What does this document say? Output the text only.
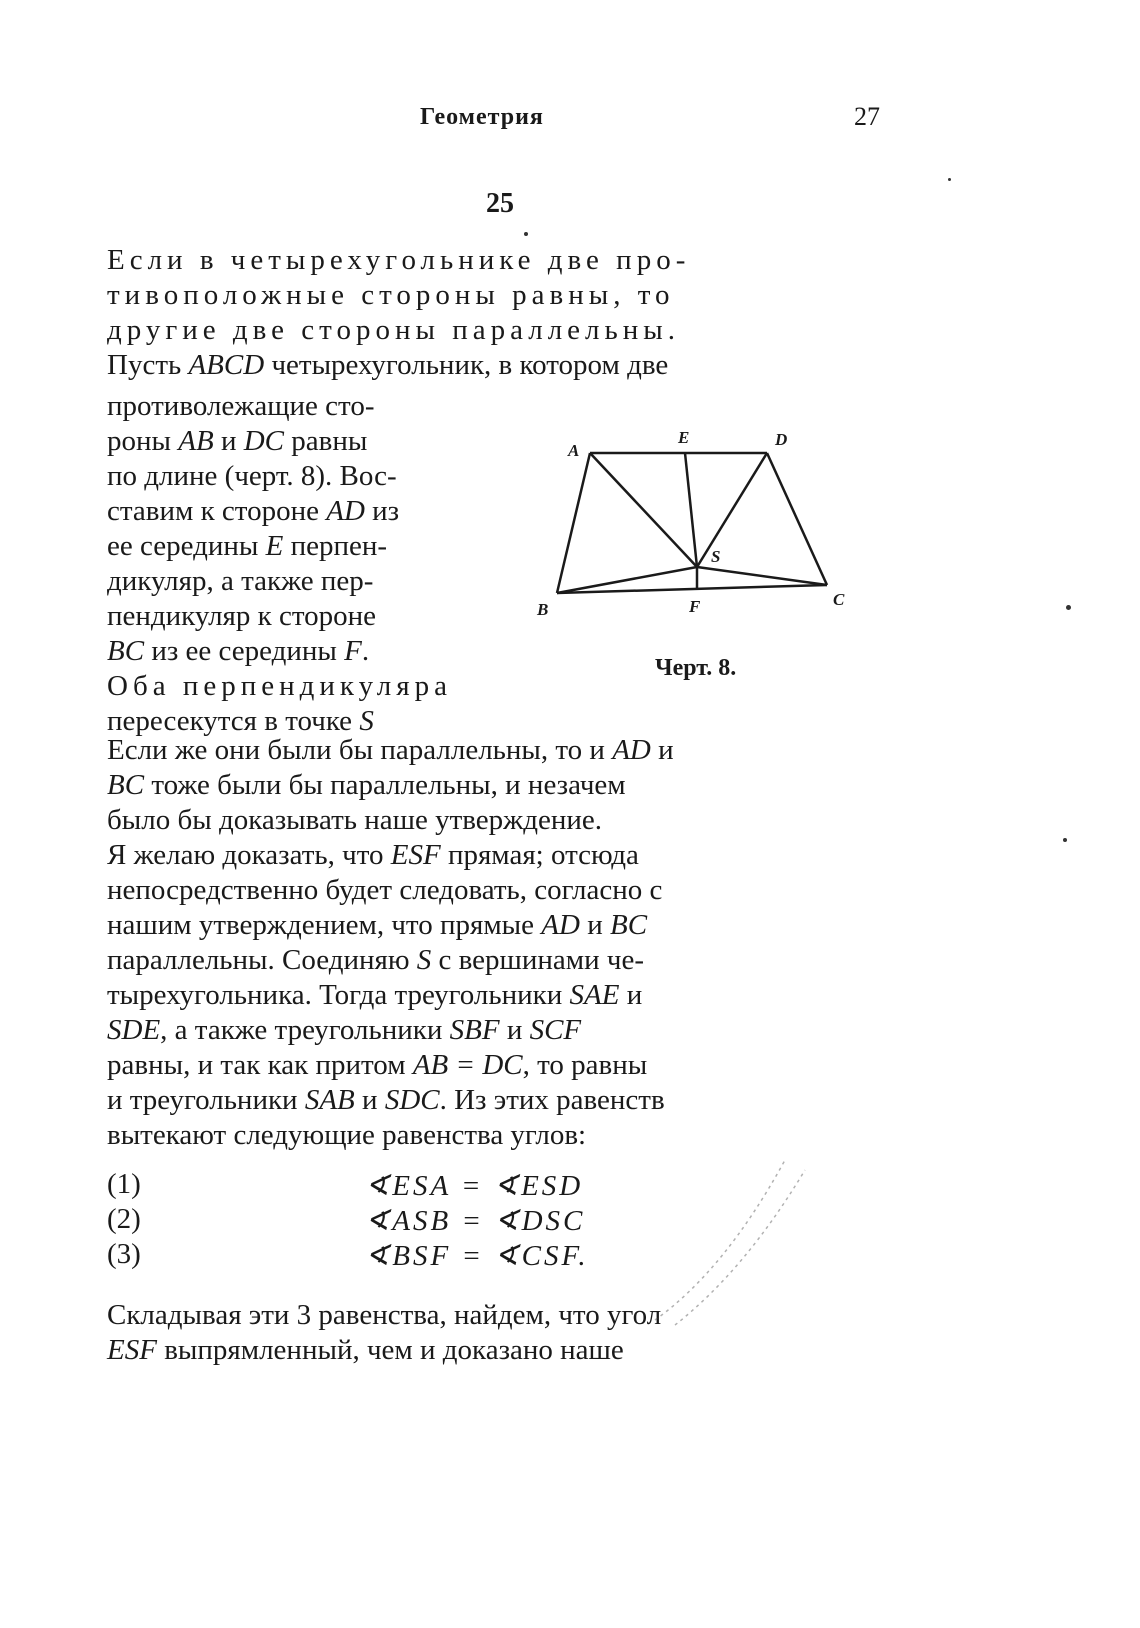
Геометрия	27
25
Если в четырехугольнике две про-
тивоположные стороны равны, то
другие две стороны параллельны.
Пусть ABCD четырехугольник, в котором две
противолежащие сто-
роны AB и DC равны
по длине (черт. 8). Вос-
ставим к стороне AD из
ее середины E перпен-
дикуляр, а также пер-
пендикуляр к стороне
BC из ее середины F.
Оба перпендикуляра
пересекутся в точке S
A
E	D
S
B	F	C
Черт. 8.
Если же они были бы параллельны, то и AD и
BC тоже были бы параллельны, и незачем
было бы доказывать наше утверждение.
Я желаю доказать, что ESF прямая; отсюда
непосредственно будет следовать, согласно с
нашим утверждением, что прямые AD и BC
параллельны. Соединяю S с вершинами че-
тырехугольника. Тогда треугольники SAE и
SDE, а также треугольники SBF и SCF
равны, и так как притом AB = DC, то равны
и треугольники SAB и SDC. Из этих равенств
вытекают следующие равенства углов:
(1)	∢ESA = ∢ESD
(2)	∢ASB = ∢DSC
(3)	∢BSF = ∢CSF.
Складывая эти 3 равенства, найдем, что угол
ESF выпрямленный, чем и доказано наше
